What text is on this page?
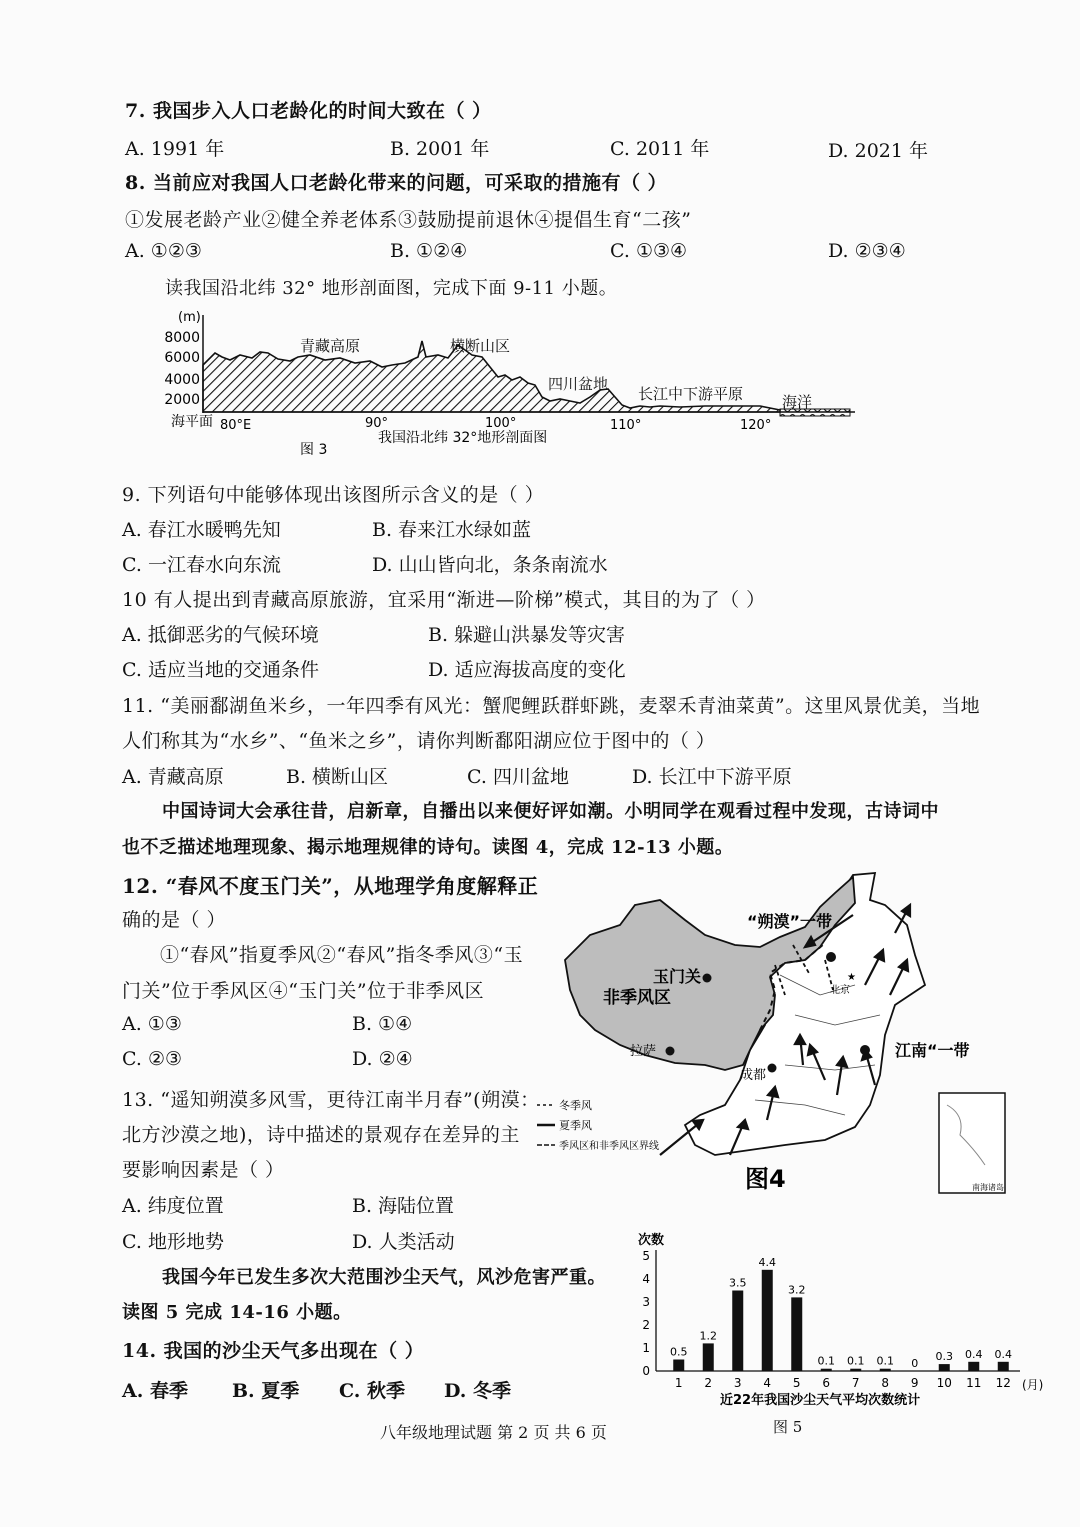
7. 我国步入人口老龄化的时间大致在（ ）
A. 1991 年	B. 2001 年	C. 2011 年	D. 2021 年
8. 当前应对我国人口老龄化带来的问题，可采取的措施有（ ）
①发展老龄产业②健全养老体系③鼓励提前退休④提倡生育“二孩”
A. ①②③	B. ①②④	C. ①③④	D. ②③④
读我国沿北纬 32° 地形剖面图，完成下面 9-11 小题。
(m)
8000
6000
4000
2000
海平面 80°E	90°	100°	110°	120°
青藏高原	横断山区
四川盆地
长江中下游平原	海洋
图 3
我国沿北纬 32°地形剖面图
9. 下列语句中能够体现出该图所示含义的是（ ）
A. 春江水暖鸭先知	B. 春来江水绿如蓝
C. 一江春水向东流	D. 山山皆向北，条条南流水
10 有人提出到青藏高原旅游，宜采用“渐进—阶梯”模式，其目的为了（ ）
A. 抵御恶劣的气候环境	B. 躲避山洪暴发等灾害
C. 适应当地的交通条件	D. 适应海拔高度的变化
11. “美丽鄱湖鱼米乡，一年四季有风光：蟹爬鲤跃群虾跳，麦翠禾青油菜黄”。这里风景优美，当地
人们称其为“水乡”、“鱼米之乡”，请你判断鄱阳湖应位于图中的（ ）
A. 青藏高原	B. 横断山区	C. 四川盆地	D. 长江中下游平原
中国诗词大会承往昔，启新章，自播出以来便好评如潮。小明同学在观看过程中发现，古诗词中
也不乏描述地理现象、揭示地理规律的诗句。读图 4，完成 12-13 小题。
12. “春风不度玉门关”，从地理学角度解释正
确的是（ ）
①“春风”指夏季风②“春风”指冬季风③“玉
门关”位于季风区④“玉门关”位于非季风区
A. ①③	B. ①④
C. ②③	D. ②④
13. “遥知朔漠多风雪，更待江南半月春”(朔漠：
北方沙漠之地)，诗中描述的景观存在差异的主
要影响因素是（ ）
A. 纬度位置	B. 海陆位置
C. 地形地势	D. 人类活动
★
“朔漠”一带
玉门关
非季风区
江南“一带
北京
拉萨
成都
冬季风
夏季风
季风区和非季风区界线
图4	南海诸岛
我国今年已发生多次大范围沙尘天气，风沙危害严重。
读图 5 完成 14-16 小题。
14. 我国的沙尘天气多出现在（ ）
A. 春季 B. 夏季 C. 秋季 D. 冬季
次数
0
1
2
3
4
5
0.5
1.2
3.5
4.4
3.2
0.1 0.1 0.1 0
0.3 0.4 0.4
1 2 3 4 5 6 7 8 9 10 11 12 (月)
近22年我国沙尘天气平均次数统计
图 5
八年级地理试题 第 2 页 共 6 页
